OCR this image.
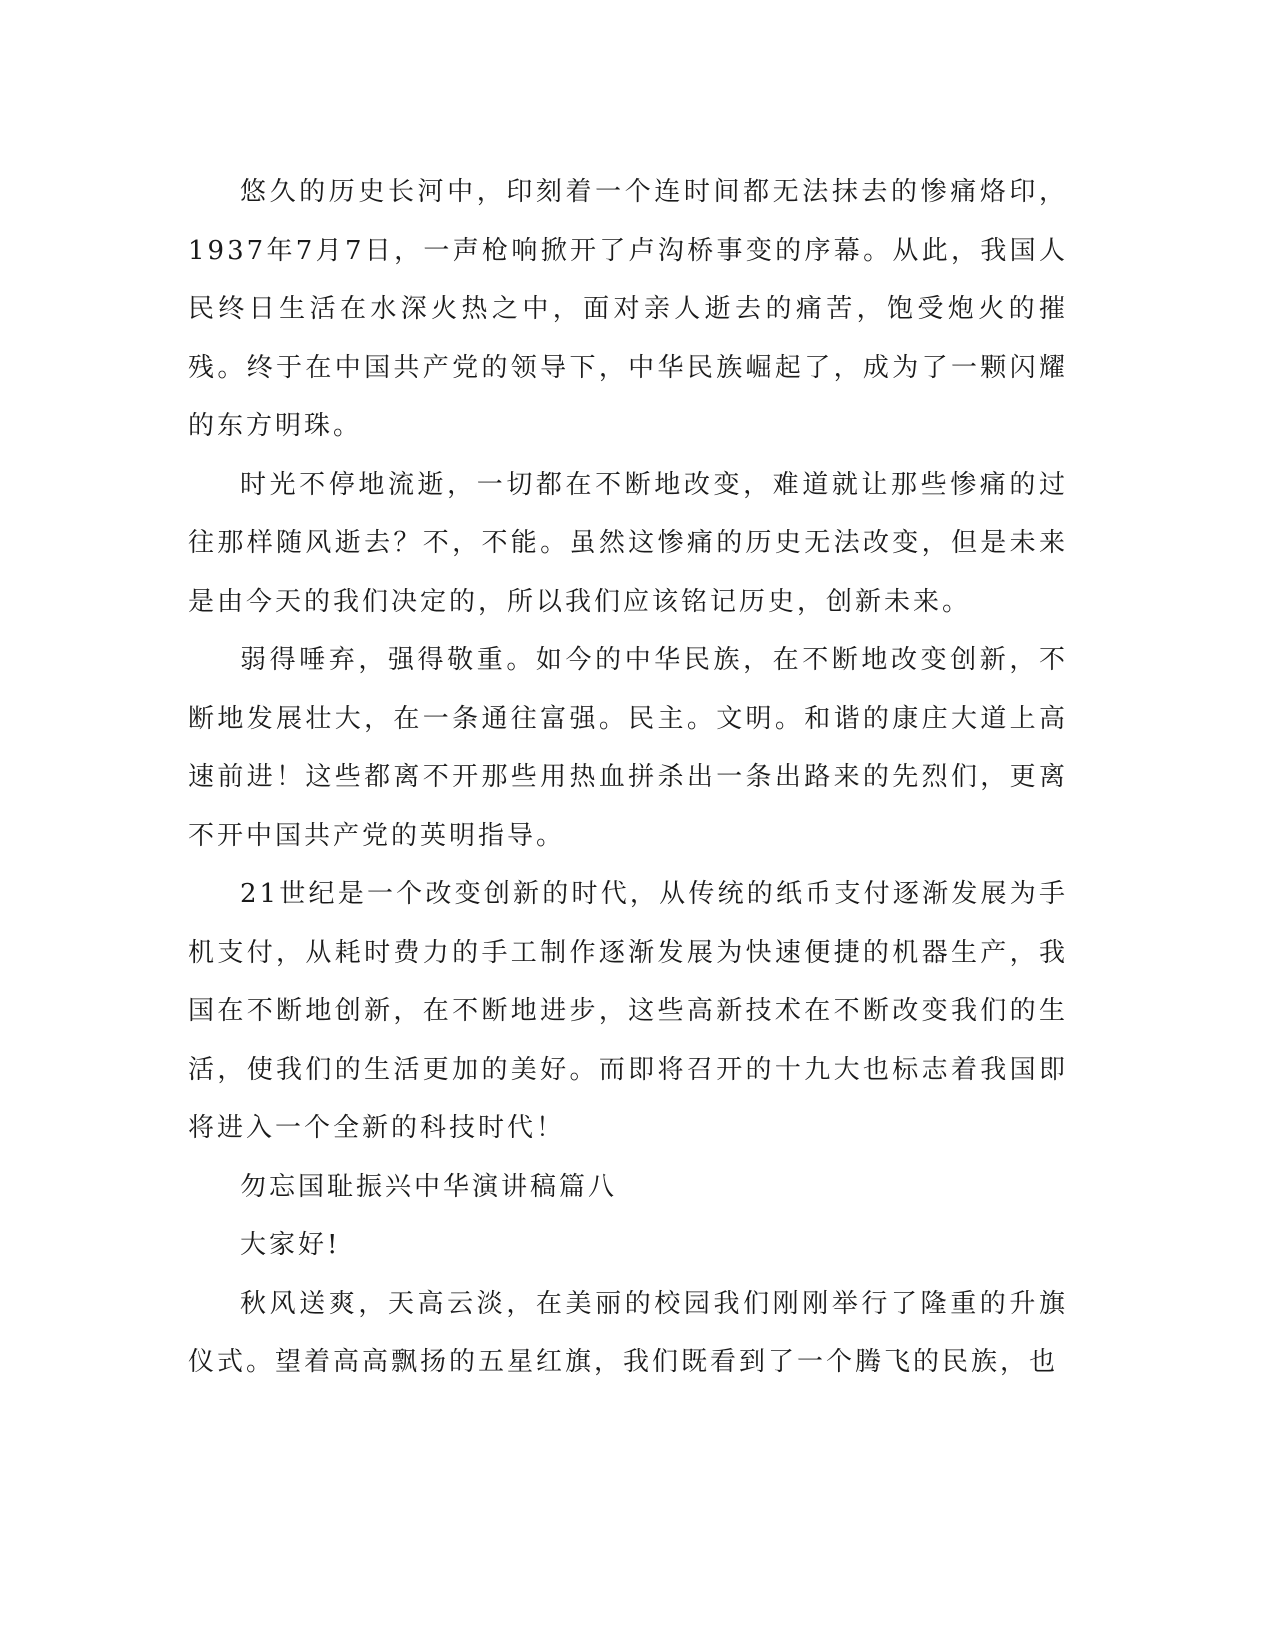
悠久的历史长河中，印刻着一个连时间都无法抹去的惨痛烙印，1937年7月7日，一声枪响掀开了卢沟桥事变的序幕。从此，我国人民终日生活在水深火热之中，面对亲人逝去的痛苦，饱受炮火的摧残。终于在中国共产党的领导下，中华民族崛起了，成为了一颗闪耀的东方明珠。

时光不停地流逝，一切都在不断地改变，难道就让那些惨痛的过往那样随风逝去？不，不能。虽然这惨痛的历史无法改变，但是未来是由今天的我们决定的，所以我们应该铭记历史，创新未来。

弱得唾弃，强得敬重。如今的中华民族，在不断地改变创新，不断地发展壮大，在一条通往富强。民主。文明。和谐的康庄大道上高速前进！这些都离不开那些用热血拼杀出一条出路来的先烈们，更离不开中国共产党的英明指导。

21世纪是一个改变创新的时代，从传统的纸币支付逐渐发展为手机支付，从耗时费力的手工制作逐渐发展为快速便捷的机器生产，我国在不断地创新，在不断地进步，这些高新技术在不断改变我们的生活，使我们的生活更加的美好。而即将召开的十九大也标志着我国即将进入一个全新的科技时代！

勿忘国耻振兴中华演讲稿篇八

大家好!

秋风送爽，天高云淡，在美丽的校园我们刚刚举行了隆重的升旗仪式。望着高高飘扬的五星红旗，我们既看到了一个腾飞的民族，也
